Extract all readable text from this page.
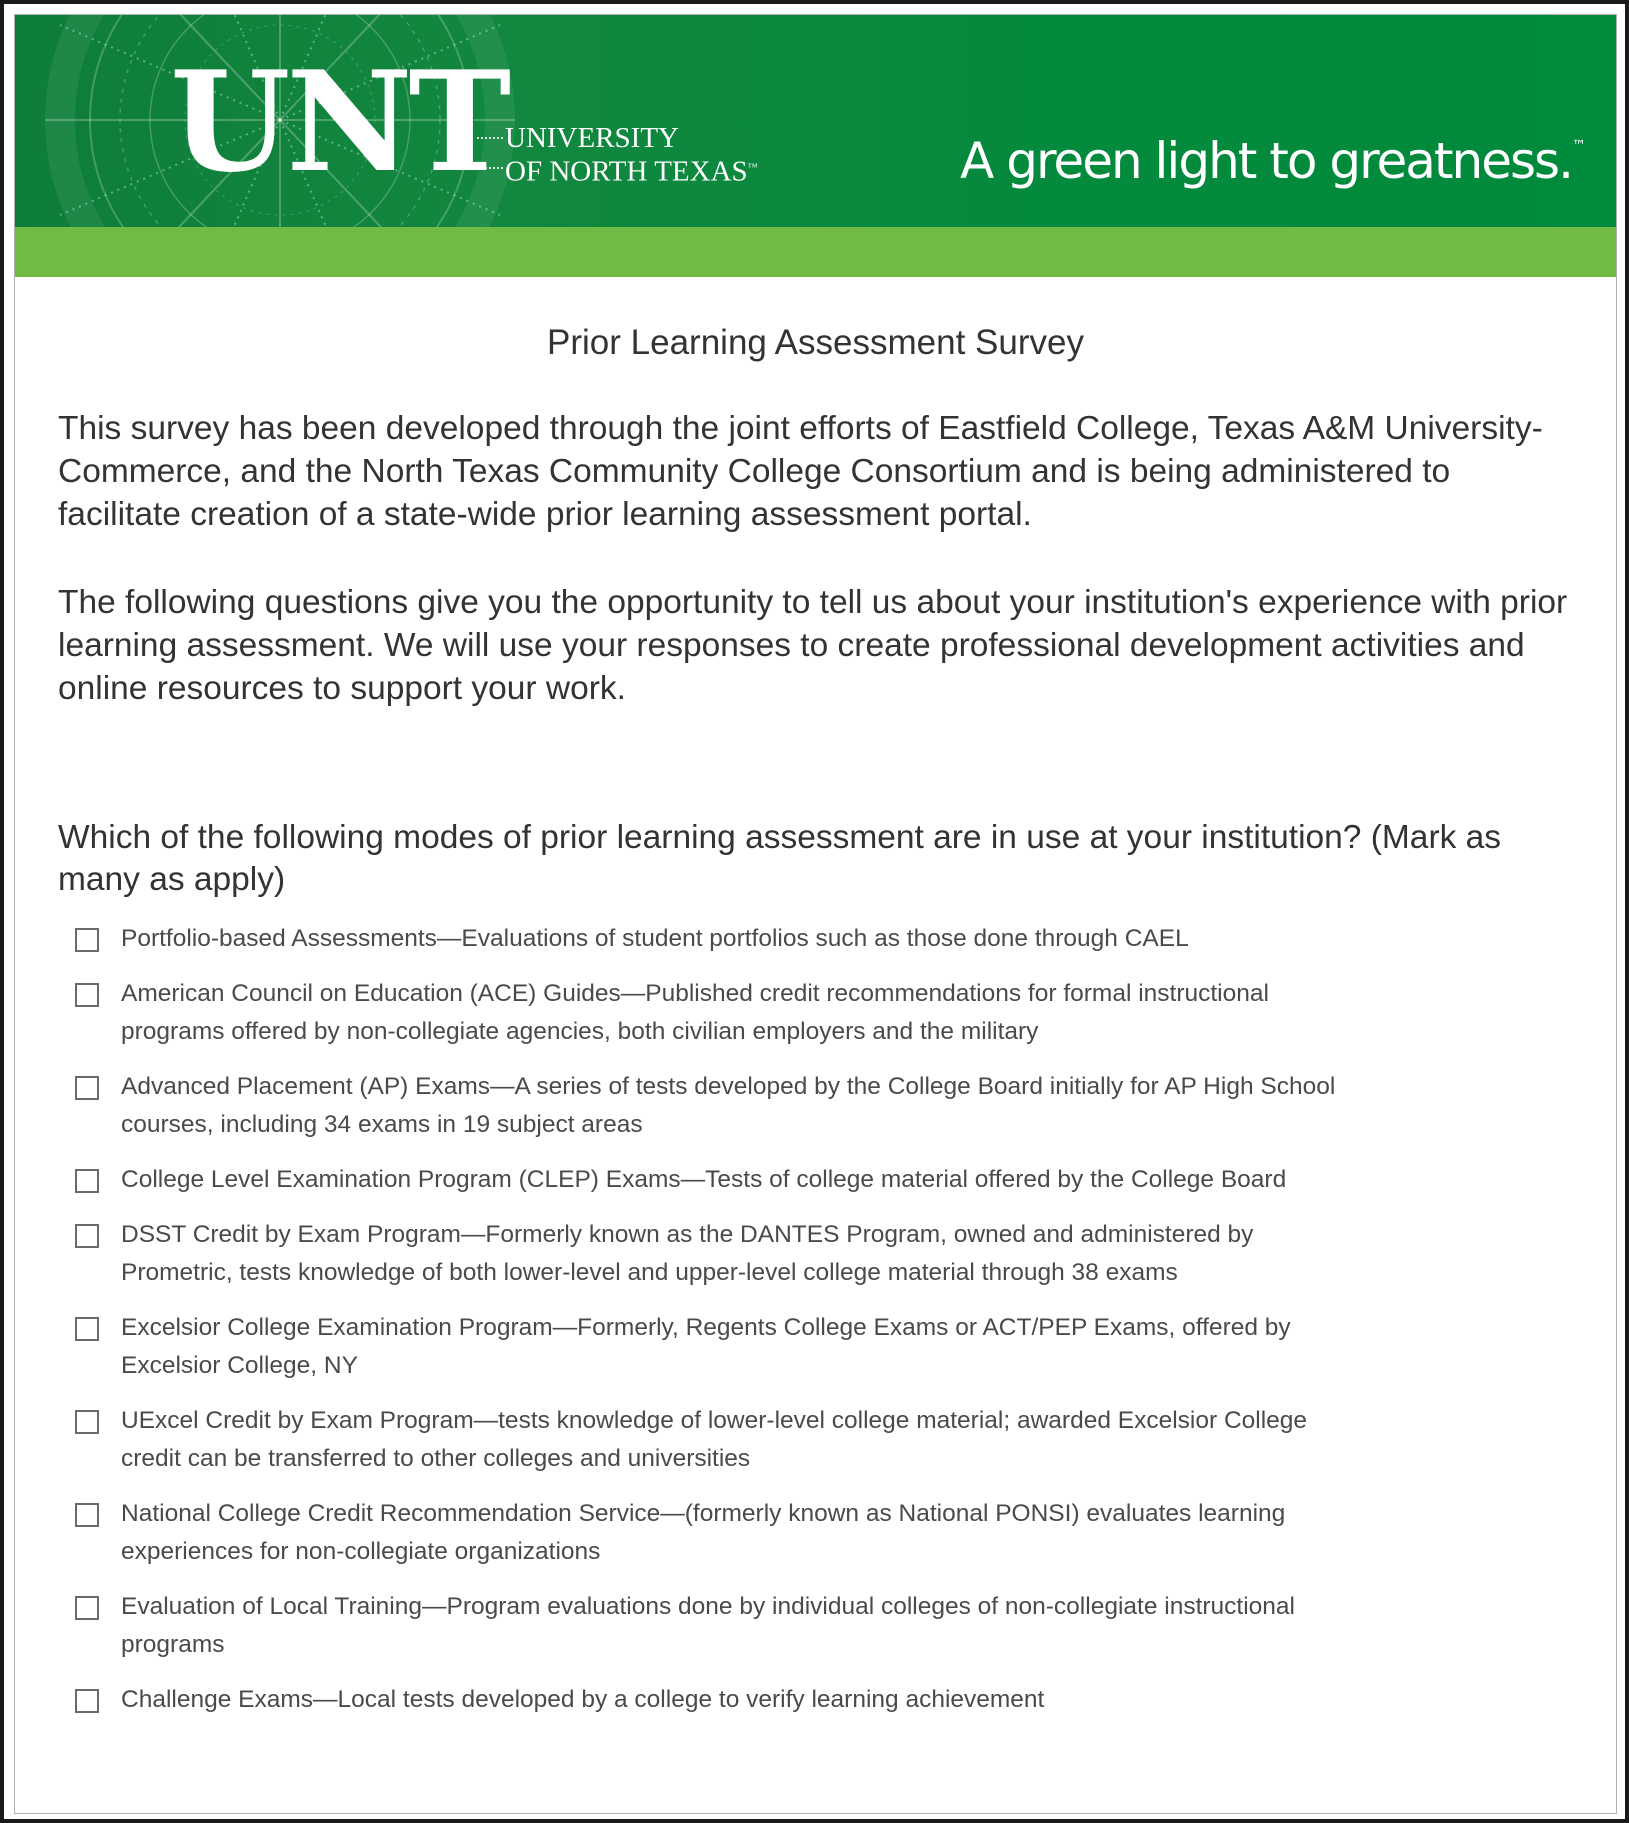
UNT
UNIVERSITY
OF NORTH TEXAS™	A green light to greatness.™
Prior Learning Assessment Survey
This survey has been developed through the joint efforts of Eastfield College, Texas A&M University-Commerce, and the North Texas Community College Consortium and is being administered to facilitate creation of a state-wide prior learning assessment portal.
The following questions give you the opportunity to tell us about your institution's experience with prior learning assessment. We will use your responses to create professional development activities and online resources to support your work.
Which of the following modes of prior learning assessment are in use at your institution? (Mark as many as apply)
Portfolio-based Assessments—Evaluations of student portfolios such as those done through CAEL
American Council on Education (ACE) Guides—Published credit recommendations for formal instructional programs offered by non-collegiate agencies, both civilian employers and the military
Advanced Placement (AP) Exams—A series of tests developed by the College Board initially for AP High School courses, including 34 exams in 19 subject areas
College Level Examination Program (CLEP) Exams—Tests of college material offered by the College Board
DSST Credit by Exam Program—Formerly known as the DANTES Program, owned and administered by Prometric, tests knowledge of both lower-level and upper-level college material through 38 exams
Excelsior College Examination Program—Formerly, Regents College Exams or ACT/PEP Exams, offered by Excelsior College, NY
UExcel Credit by Exam Program—tests knowledge of lower-level college material; awarded Excelsior College credit can be transferred to other colleges and universities
National College Credit Recommendation Service—(formerly known as National PONSI) evaluates learning experiences for non-collegiate organizations
Evaluation of Local Training—Program evaluations done by individual colleges of non-collegiate instructional programs
Challenge Exams—Local tests developed by a college to verify learning achievement
